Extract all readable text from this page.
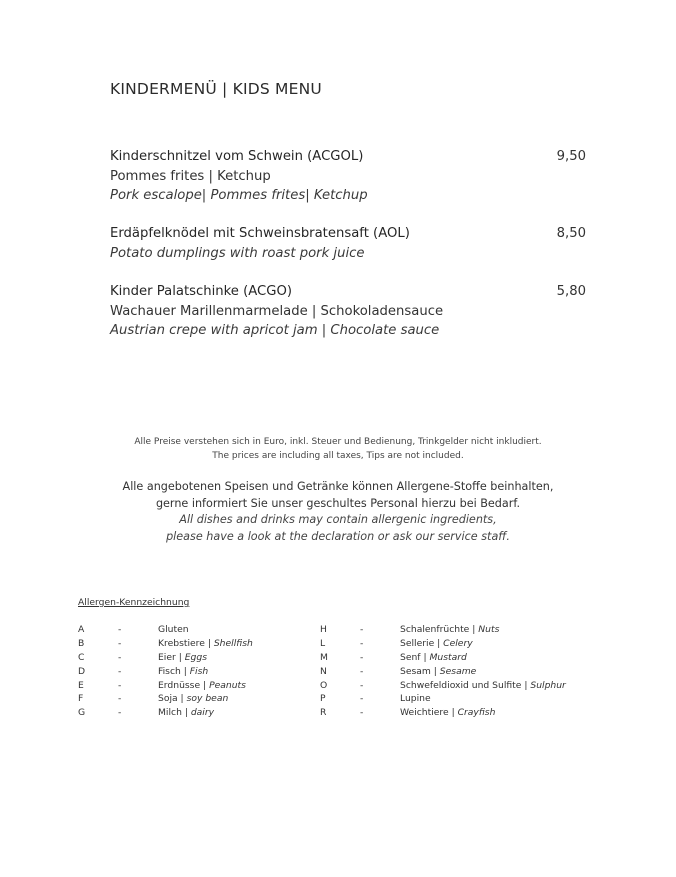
KINDERMENÜ | KIDS MENU
Kinderschnitzel vom Schwein (ACGOL)	9,50
Pommes frites | Ketchup
Pork escalope| Pommes frites| Ketchup
Erdäpfelknödel mit Schweinsbratensaft (AOL)	8,50
Potato dumplings with roast pork juice
Kinder Palatschinke (ACGO)	5,80
Wachauer Marillenmarmelade | Schokoladensauce
Austrian crepe with apricot jam | Chocolate sauce
Alle Preise verstehen sich in Euro, inkl. Steuer und Bedienung, Trinkgelder nicht inkludiert.
The prices are including all taxes, Tips are not included.
Alle angebotenen Speisen und Getränke können Allergene-Stoffe beinhalten,
gerne informiert Sie unser geschultes Personal hierzu bei Bedarf.
All dishes and drinks may contain allergenic ingredients,
please have a look at the declaration or ask our service staff.
Allergen-Kennzeichnung
A	-	Gluten
B	-	Krebstiere | Shellfish
C	-	Eier | Eggs
D	-	Fisch | Fish
E	-	Erdnüsse | Peanuts
F	-	Soja | soy bean
G	-	Milch | dairy
H	-	Schalenfrüchte | Nuts
L	-	Sellerie | Celery
M	-	Senf | Mustard
N	-	Sesam | Sesame
O	-	Schwefeldioxid und Sulfite | Sulphur
P	-	Lupine
R	-	Weichtiere | Crayfish
